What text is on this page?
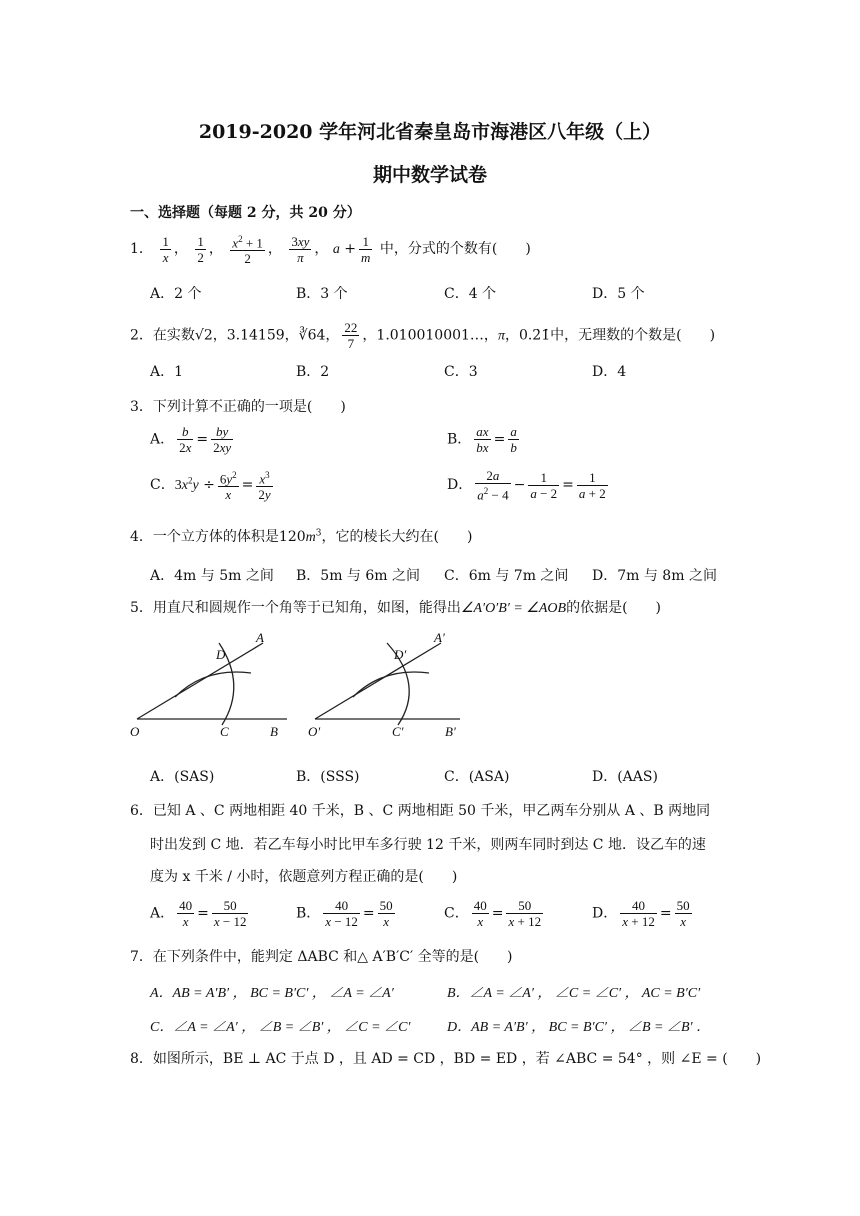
2019-2020 学年河北省秦皇岛市海港区八年级（上）
期中数学试卷
一、选择题（每题 2 分，共 20 分）
1． $\frac{1}{x}$ ， $\frac{1}{2}$ ， $\frac{x^2 + 1}{2}$ ， $\frac{3xy}{\pi}$ ， $a + \frac{1}{m}$ 中，分式的个数有(　　)
A．2 个	B．3 个	C．4 个	D．5 个
2．在实数√2，3.14159，∛64， $\frac{22}{7}$ ，1.010010001…，π，0.2̇1̇中，无理数的个数是(　　)
A．1	B．2	C．3	D．4
3．下列计算不正确的一项是(　　)
A． $\frac{b}{2x} = \frac{by}{2xy}$	B． $\frac{ax}{bx} = \frac{a}{b}$
C．$3x^2y \div \frac{6y^2}{x} = \frac{x^3}{2y}$	D． $\frac{2a}{a^2 - 4} - \frac{1}{a - 2} = \frac{1}{a + 2}$
4．一个立方体的体积是$120m^3$，它的棱长大约在(　　)
A．4m 与 5m 之间 B．5m 与 6m 之间 C．6m 与 7m 之间 D．7m 与 8m 之间
5．用直尺和圆规作一个角等于已知角，如图，能得出∠A′O′B′ = ∠AOB的依据是(　　)
A
D
O	C	B
A′
D′
O′	C′	B′
A．(SAS)	B．(SSS)	C．(ASA)	D．(AAS)
6．已知 A 、C 两地相距 40 千米，B 、C 两地相距 50 千米，甲乙两车分别从 A 、B 两地同
时出发到 C 地．若乙车每小时比甲车多行驶 12 千米，则两车同时到达 C 地．设乙车的速
度为 x 千米 / 小时，依题意列方程正确的是(　　)
A． $\frac{40}{x} = \frac{50}{x - 12}$	B． $\frac{40}{x - 12} = \frac{50}{x}$	C． $\frac{40}{x} = \frac{50}{x + 12}$	D． $\frac{40}{x + 12} = \frac{50}{x}$
7．在下列条件中，能判定 ΔABC 和△ A′B′C′ 全等的是(　　)
A．AB = A′B′ ， BC = B′C′ ， ∠A = ∠A′	B．∠A = ∠A′ ， ∠C = ∠C′ ， AC = B′C′
C．∠A = ∠A′ ， ∠B = ∠B′ ， ∠C = ∠C′	D．AB = A′B′ ， BC = B′C′ ， ∠B = ∠B′ ．
8．如图所示，BE ⊥ AC 于点 D ，且 AD = CD ，BD = ED ，若 ∠ABC = 54° ，则 ∠E = (　　)
